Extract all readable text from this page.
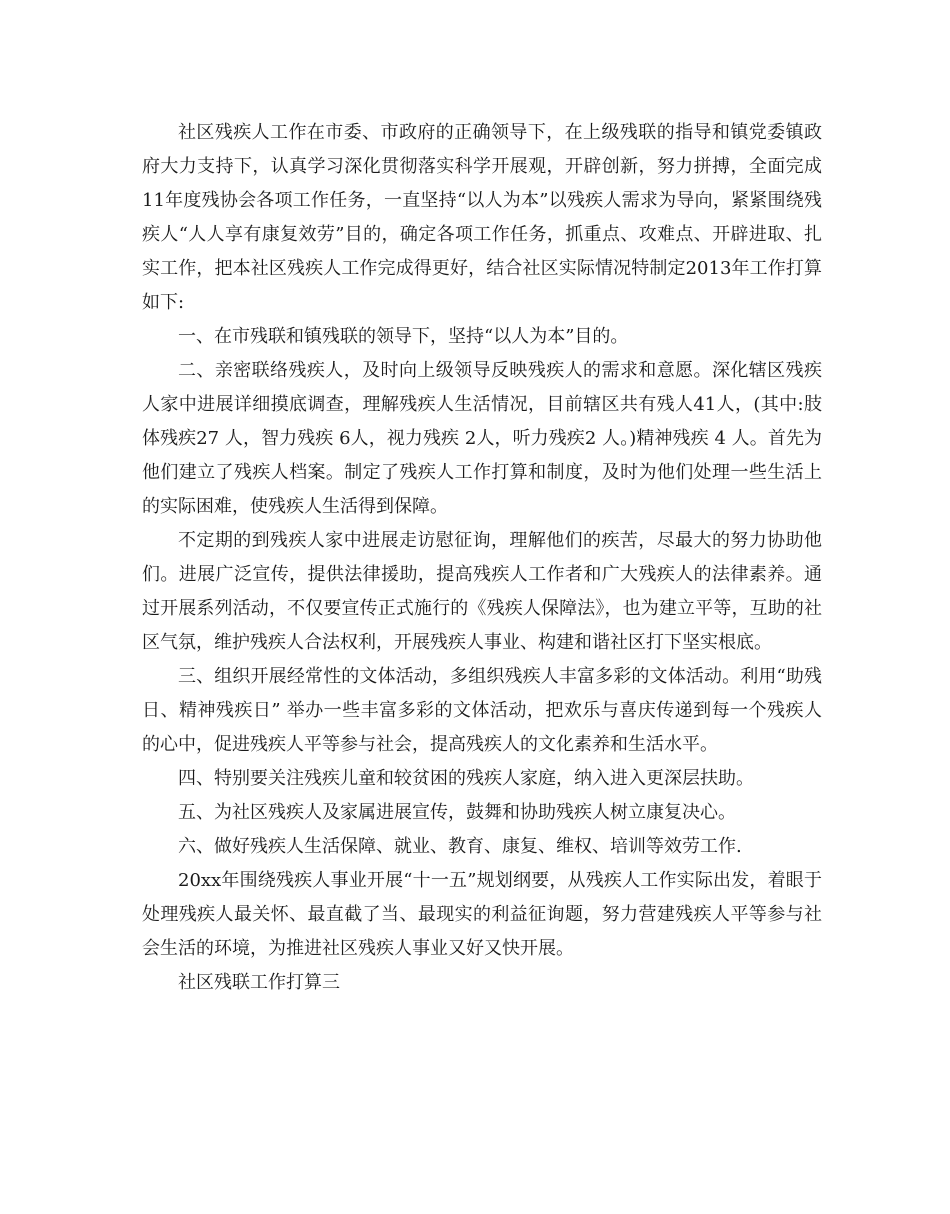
社区残疾人工作在市委、市政府的正确领导下，在上级残联的指导和镇党委镇政府大力支持下，认真学习深化贯彻落实科学开展观，开辟创新，努力拼搏，全面完成11年度残协会各项工作任务，一直坚持“以人为本”以残疾人需求为导向，紧紧围绕残疾人“人人享有康复效劳”目的，确定各项工作任务，抓重点、攻难点、开辟进取、扎实工作，把本社区残疾人工作完成得更好，结合社区实际情况特制定2013年工作打算如下:

一、在市残联和镇残联的领导下，坚持“以人为本”目的。

二、亲密联络残疾人，及时向上级领导反映残疾人的需求和意愿。深化辖区残疾人家中进展详细摸底调查，理解残疾人生活情况，目前辖区共有残人41人，(其中:肢体残疾27 人，智力残疾 6人，视力残疾 2人，听力残疾2 人。)精神残疾 4 人。首先为他们建立了残疾人档案。制定了残疾人工作打算和制度，及时为他们处理一些生活上的实际困难，使残疾人生活得到保障。

不定期的到残疾人家中进展走访慰征询，理解他们的疾苦，尽最大的努力协助他们。进展广泛宣传，提供法律援助，提高残疾人工作者和广大残疾人的法律素养。通过开展系列活动，不仅要宣传正式施行的《残疾人保障法》，也为建立平等，互助的社区气氛，维护残疾人合法权利，开展残疾人事业、构建和谐社区打下坚实根底。

三、组织开展经常性的文体活动，多组织残疾人丰富多彩的文体活动。利用“助残日、精神残疾日” 举办一些丰富多彩的文体活动，把欢乐与喜庆传递到每一个残疾人的心中，促进残疾人平等参与社会，提高残疾人的文化素养和生活水平。

四、特别要关注残疾儿童和较贫困的残疾人家庭，纳入进入更深层扶助。

五、为社区残疾人及家属进展宣传，鼓舞和协助残疾人树立康复决心。

六、做好残疾人生活保障、就业、教育、康复、维权、培训等效劳工作.

20xx年围绕残疾人事业开展“十一五”规划纲要，从残疾人工作实际出发，着眼于处理残疾人最关怀、最直截了当、最现实的利益征询题，努力营建残疾人平等参与社会生活的环境，为推进社区残疾人事业又好又快开展。

社区残联工作打算三
